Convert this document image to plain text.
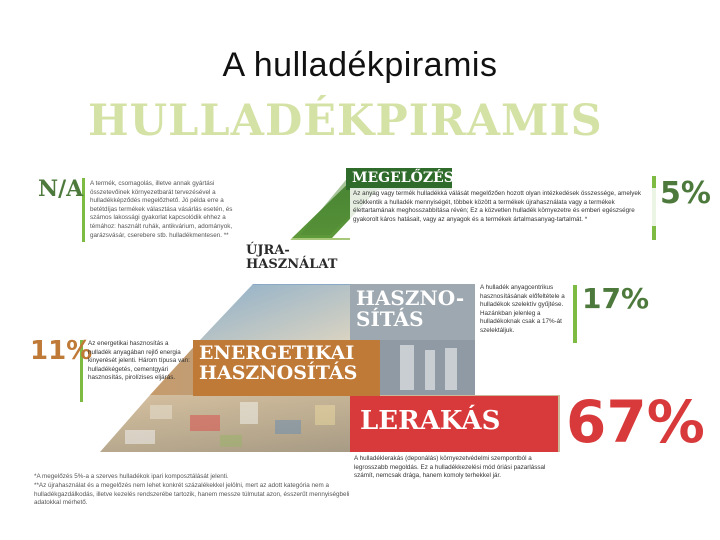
A hulladékpiramis
HULLADÉKPIRAMIS
N/A A termék, csomagolás, illetve annak gyártási összetevőinek környezetbarát tervezésével a hulladékképződés megelőzhető. Jó példa erre a betétdíjas termékek választása vásárlás esetén, és számos lakossági gyakorlat kapcsolódik ehhez a témához: használt ruhák, antikvárium, adományok, garázsvásár, cserebere stb. hulladékmentesen. **
MEGELŐZÉS
Az anyag vagy termék hulladékká válását megelőzően hozott olyan intézkedések összessége, amelyek csökkentik a hulladék mennyiségét, többek között a termékek újrahasználata vagy a termékek élettartamának meghosszabbítása révén; Ez a közvetlen hulladék környezetre és emberi egészségre gyakorolt káros hatásait, vagy az anyagok és a termékek ártalmasanyag-tartalmát. *
5%
ÚJRA-
HASZNÁLAT
HASZNO-
SÍTÁS
A hulladék anyagcentrikus hasznosításának előfeltétele a hulladékok szelektív gyűjtése. Hazánkban jelenleg a hulladékoknak csak a 17%-át szelektáljuk.
17%
ENERGETIKAI
HASZNOSÍTÁS
11%
Az energetikai hasznosítás a hulladék anyagában rejlő energia kinyerését jelenti. Három típusa van: hulladékégetés, cementgyári hasznosítás, pirolízises eljárás.
LERAKÁS	67%
A hulladéklerakás (deponálás) környezetvédelmi szempontból a legrosszabb megoldás. Ez a hulladékkezelési mód óriási pazarlással számít, nemcsak drága, hanem komoly terhekkel jár.
*A megelőzés 5%-a a szerves hulladékok ipari komposztálását jelenti.
**Az újrahasználat és a megelőzés nem lehet konkrét százalékekkel jelölni, mert az adott kategória nem a hulladékgazdálkodás, illetve kezelés rendszerébe tartozik, hanem messze túlmutat azon, ésszerűt mennyiségbeli adatokkal mérhető.
